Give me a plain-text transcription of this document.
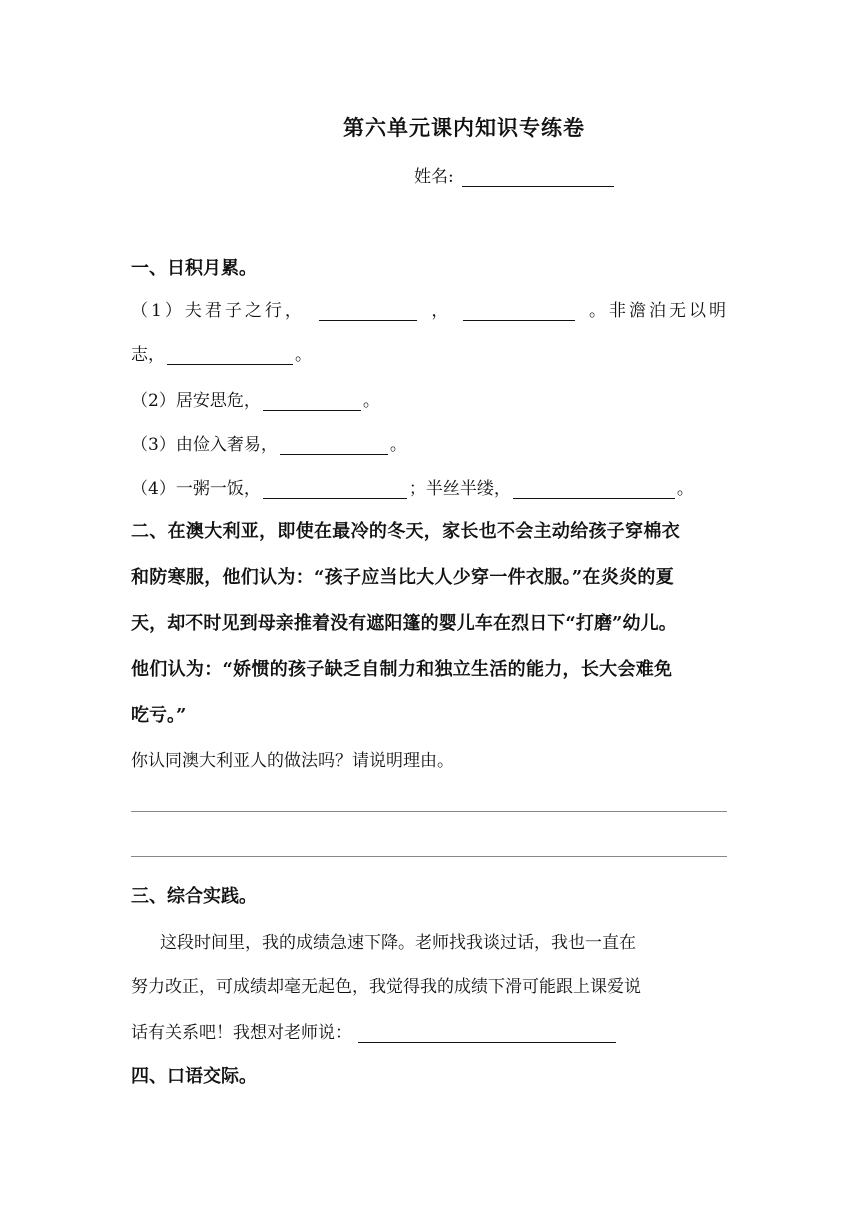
第六单元课内知识专练卷
姓名:
一、日积月累。
（1）夫君子之行，	，	。非澹泊无以明
志，	。
（2）居安思危，	。
（3）由俭入奢易，	。
（4）一粥一饭，	；半丝半缕，	。
二、在澳大利亚，即使在最冷的冬天，家长也不会主动给孩子穿棉衣
和防寒服，他们认为：“孩子应当比大人少穿一件衣服。”在炎炎的夏
天，却不时见到母亲推着没有遮阳篷的婴儿车在烈日下“打磨”幼儿。
他们认为：“娇惯的孩子缺乏自制力和独立生活的能力，长大会难免
吃亏。”
你认同澳大利亚人的做法吗？请说明理由。
三、综合实践。
这段时间里，我的成绩急速下降。老师找我谈过话，我也一直在
努力改正，可成绩却毫无起色，我觉得我的成绩下滑可能跟上课爱说
话有关系吧！我想对老师说：
四、口语交际。
